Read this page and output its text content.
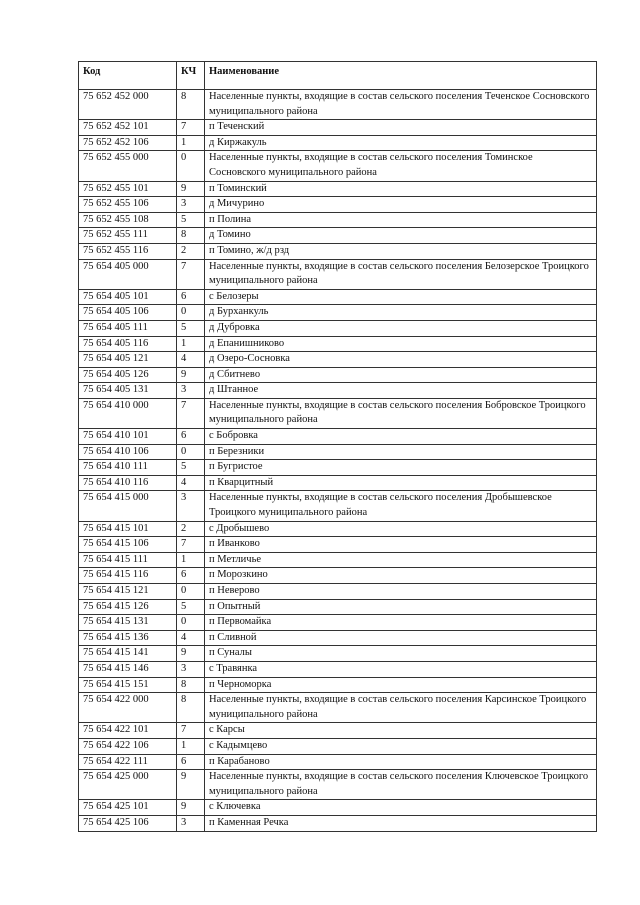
Код	КЧ	Наименование
75 652 452 000	8	Населенные пункты, входящие в состав сельского поселения Теченское Сосновского муниципального района
75 652 452 101	7	п Теченский
75 652 452 106	1	д Киржакуль
75 652 455 000	0	Населенные пункты, входящие в состав сельского поселения Томинское Сосновского муниципального района
75 652 455 101	9	п Томинский
75 652 455 106	3	д Мичурино
75 652 455 108	5	п Полина
75 652 455 111	8	д Томино
75 652 455 116	2	п Томино, ж/д рзд
75 654 405 000	7	Населенные пункты, входящие в состав сельского поселения Белозерское Троицкого муниципального района
75 654 405 101	6	с Белозеры
75 654 405 106	0	д Бурханкуль
75 654 405 111	5	д Дубровка
75 654 405 116	1	д Епанишниково
75 654 405 121	4	д Озеро-Сосновка
75 654 405 126	9	д Сбитнево
75 654 405 131	3	д Штанное
75 654 410 000	7	Населенные пункты, входящие в состав сельского поселения Бобровское Троицкого муниципального района
75 654 410 101	6	с Бобровка
75 654 410 106	0	п Березники
75 654 410 111	5	п Бугристое
75 654 410 116	4	п Кварцитный
75 654 415 000	3	Населенные пункты, входящие в состав сельского поселения Дробышевское Троицкого муниципального района
75 654 415 101	2	с Дробышево
75 654 415 106	7	п Иванково
75 654 415 111	1	п Метличье
75 654 415 116	6	п Морозкино
75 654 415 121	0	п Неверово
75 654 415 126	5	п Опытный
75 654 415 131	0	п Первомайка
75 654 415 136	4	п Сливной
75 654 415 141	9	п Суналы
75 654 415 146	3	с Травянка
75 654 415 151	8	п Черноморка
75 654 422 000	8	Населенные пункты, входящие в состав сельского поселения Карсинское Троицкого муниципального района
75 654 422 101	7	с Карсы
75 654 422 106	1	с Кадымцево
75 654 422 111	6	п Карабаново
75 654 425 000	9	Населенные пункты, входящие в состав сельского поселения Ключевское Троицкого муниципального района
75 654 425 101	9	с Ключевка
75 654 425 106	3	п Каменная Речка
